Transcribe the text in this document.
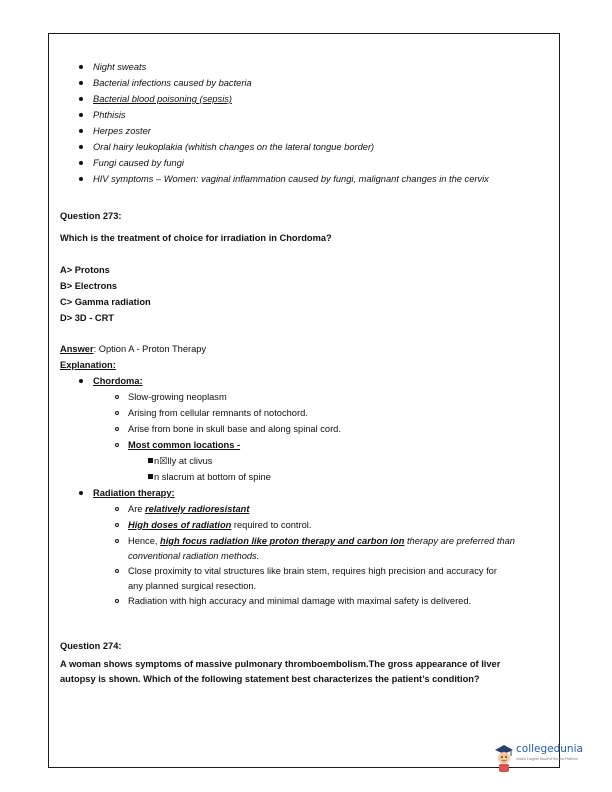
Night sweats
Bacterial infections caused by bacteria
Bacterial blood poisoning (sepsis)
Phthisis
Herpes zoster
Oral hairy leukoplakia (whitish changes on the lateral tongue border)
Fungi caused by fungi
HIV symptoms – Women: vaginal inflammation caused by fungi, malignant changes in the cervix
Question 273:
Which is the treatment of choice for irradiation in Chordoma?
A> Protons
B> Electrons
C> Gamma radiation
D> 3D - CRT
Answer: Option A - Proton Therapy
Explanation:
Chordoma:
Slow-growing neoplasm
Arising from cellular remnants of notochord.
Arise from bone in skull base and along spinal cord.
Most common locations -
n☒lly at clivus
n slacrum at bottom of spine
Radiation therapy:
Are relatively radioresistant
High doses of radiation required to control.
Hence, high focus radiation like proton therapy and carbon ion therapy are preferred than
conventional radiation methods.
Close proximity to vital structures like brain stem, requires high precision and accuracy for
any planned surgical resection.
Radiation with high accuracy and minimal damage with maximal safety is delivered.
Question 274:
A woman shows symptoms of massive pulmonary thromboembolism.The gross appearance of liver
autopsy is shown. Which of the following statement best characterizes the patient’s condition?
collegedunia
India's Largest Student Review Platform
